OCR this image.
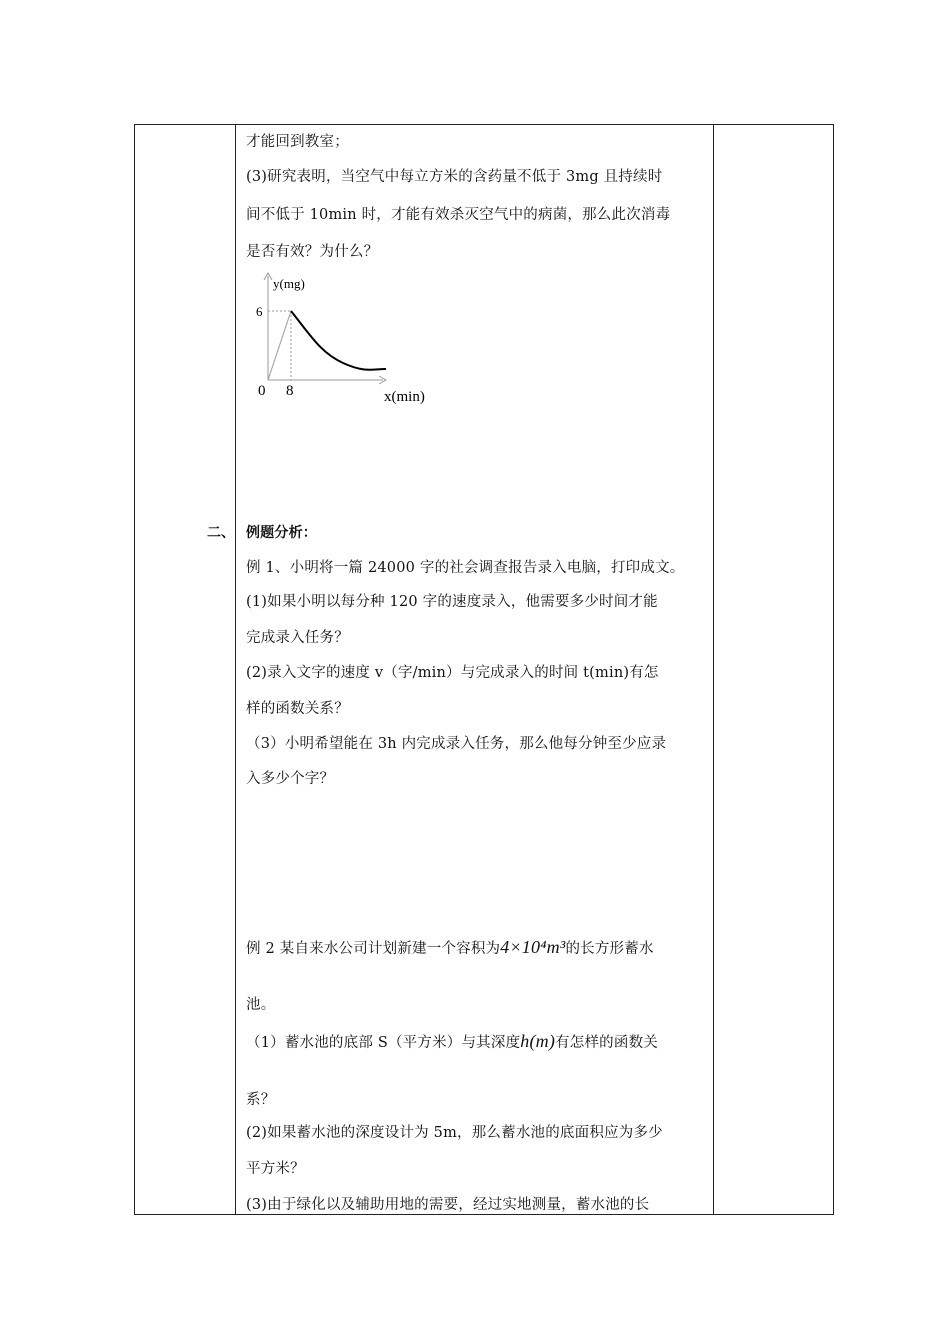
二、
才能回到教室；
(3)研究表明，当空气中每立方米的含药量不低于 3mg 且持续时
间不低于 10min 时，才能有效杀灭空气中的病菌，那么此次消毒
是否有效？为什么？
例题分析：
例 1、小明将一篇 24000 字的社会调查报告录入电脑，打印成文。
(1)如果小明以每分种 120 字的速度录入，他需要多少时间才能
完成录入任务？
(2)录入文字的速度 v（字/min）与完成录入的时间 t(min)有怎
样的函数关系？
（3）小明希望能在 3h 内完成录入任务，那么他每分钟至少应录
入多少个字？
例 2 某自来水公司计划新建一个容积为4×10⁴m³的长方形蓄水
池。
（1）蓄水池的底部 S（平方米）与其深度h(m)有怎样的函数关
系？
(2)如果蓄水池的深度设计为 5m，那么蓄水池的底面积应为多少
平方米？
(3)由于绿化以及辅助用地的需要，经过实地测量，蓄水池的长
y(mg)
6
0 8	x(min)
